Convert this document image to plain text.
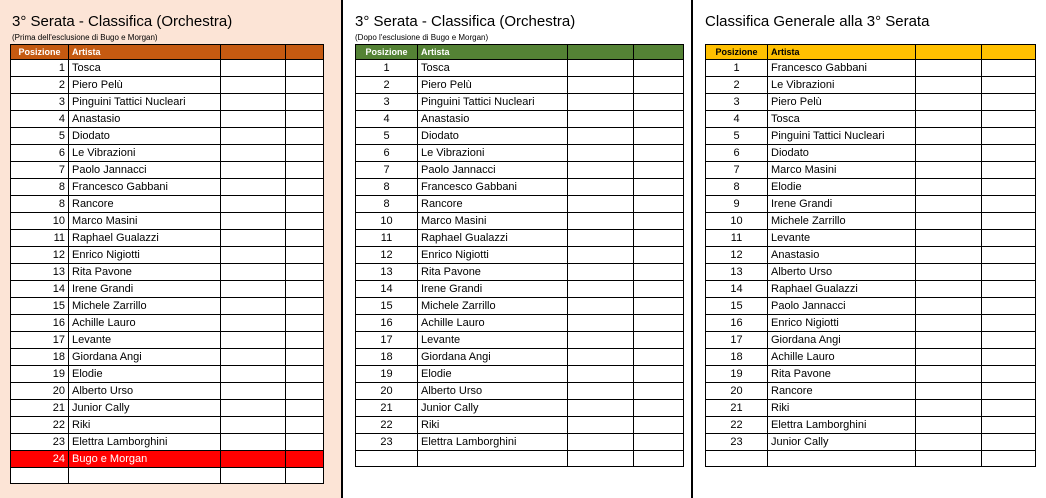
3° Serata - Classifica (Orchestra)
(Prima dell'esclusione di Bugo e Morgan)
Posizione	Artista		
1	Tosca		
2	Piero Pelù		
3	Pinguini Tattici Nucleari		
4	Anastasio		
5	Diodato		
6	Le Vibrazioni		
7	Paolo Jannacci		
8	Francesco Gabbani		
8	Rancore		
10	Marco Masini		
11	Raphael Gualazzi		
12	Enrico Nigiotti		
13	Rita Pavone		
14	Irene Grandi		
15	Michele Zarrillo		
16	Achille Lauro		
17	Levante		
18	Giordana Angi		
19	Elodie		
20	Alberto Urso		
21	Junior Cally		
22	Riki		
23	Elettra Lamborghini		
24	Bugo e Morgan		

3° Serata - Classifica (Orchestra)
(Dopo l'esclusione di Bugo e Morgan)
Posizione	Artista		
1	Tosca		
2	Piero Pelù		
3	Pinguini Tattici Nucleari		
4	Anastasio		
5	Diodato		
6	Le Vibrazioni		
7	Paolo Jannacci		
8	Francesco Gabbani		
8	Rancore		
10	Marco Masini		
11	Raphael Gualazzi		
12	Enrico Nigiotti		
13	Rita Pavone		
14	Irene Grandi		
15	Michele Zarrillo		
16	Achille Lauro		
17	Levante		
18	Giordana Angi		
19	Elodie		
20	Alberto Urso		
21	Junior Cally		
22	Riki		
23	Elettra Lamborghini		

Classifica Generale alla 3° Serata
Posizione	Artista		
1	Francesco Gabbani		
2	Le Vibrazioni		
3	Piero Pelù		
4	Tosca		
5	Pinguini Tattici Nucleari		
6	Diodato		
7	Marco Masini		
8	Elodie		
9	Irene Grandi		
10	Michele Zarrillo		
11	Levante		
12	Anastasio		
13	Alberto Urso		
14	Raphael Gualazzi		
15	Paolo Jannacci		
16	Enrico Nigiotti		
17	Giordana Angi		
18	Achille Lauro		
19	Rita Pavone		
20	Rancore		
21	Riki		
22	Elettra Lamborghini		
23	Junior Cally		
